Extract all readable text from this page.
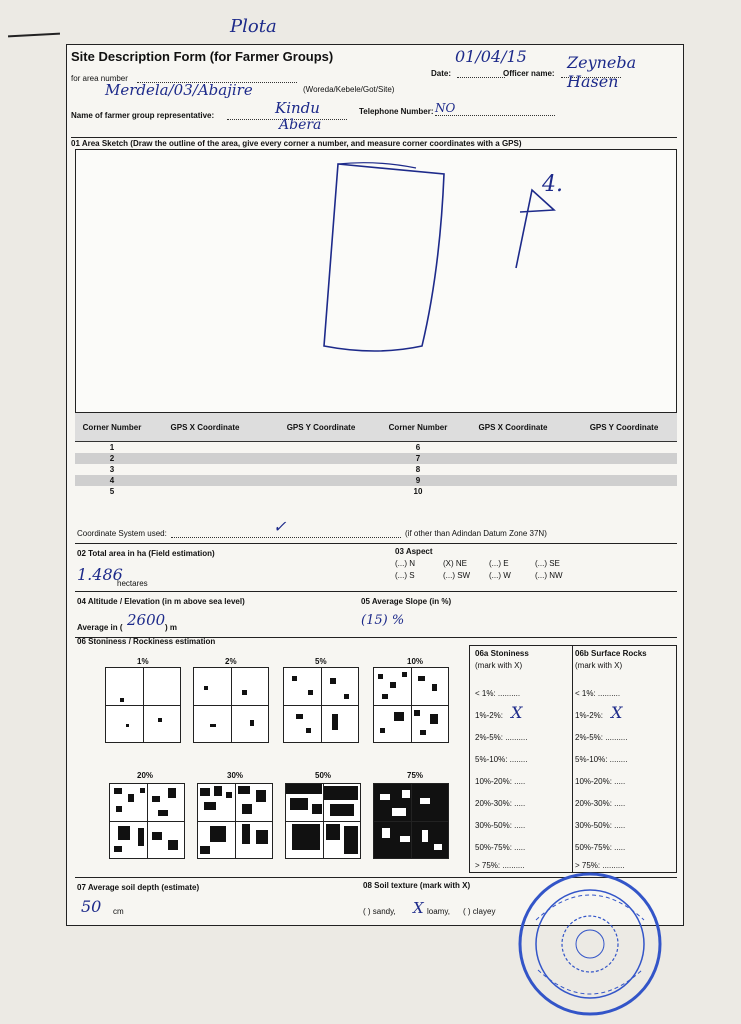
Plota
Site Description Form (for Farmer Groups)
Date:
01/04/15
Officer name:
Zeyneba Hasen
for area number
Merdela/03/Abajire	(Woreda/Kebele/Got/Site)
Name of farmer group representative:	Kindu
Abera
Telephone Number: NO
01 Area Sketch (Draw the outline of the area, give every corner a number, and measure corner coordinates with a GPS)
4.
Corner Number	GPS X Coordinate	GPS Y Coordinate	Corner Number	GPS X Coordinate	GPS Y Coordinate
1			6		
2			7		
3			8		
4			9		
5			10		
Coordinate System used:	✓	(if other than Adindan Datum Zone 37N)
02 Total area in ha (Field estimation)
1.486
hectares
03 Aspect
(...) N	(X) NE	(...) E	(...) SE
(...) S	(...) SW (...) W	(...) NW
04 Altitude / Elevation (in m above sea level)
Average in ( 2600 ) m
05 Average Slope (in %)
(15) %
06 Stoniness / Rockiness estimation
1%	2%	5%	10%
20%	30%	50%	75%
06a Stoniness
(mark with X)
06b Surface Rocks
(mark with X)
< 1%: ..........
1%-2%: X
2%-5%: ..........
5%-10%: ........
10%-20%: .....
20%-30%: .....
30%-50%: .....
50%-75%: .....
> 75%: ..........
< 1%: ..........
1%-2%: X
2%-5%: ..........
5%-10%: ........
10%-20%: .....
20%-30%: .....
30%-50%: .....
50%-75%: .....
> 75%: ..........
07 Average soil depth (estimate)
50 cm
08 Soil texture (mark with X)
( ) sandy, X loamy, ( ) clayey
